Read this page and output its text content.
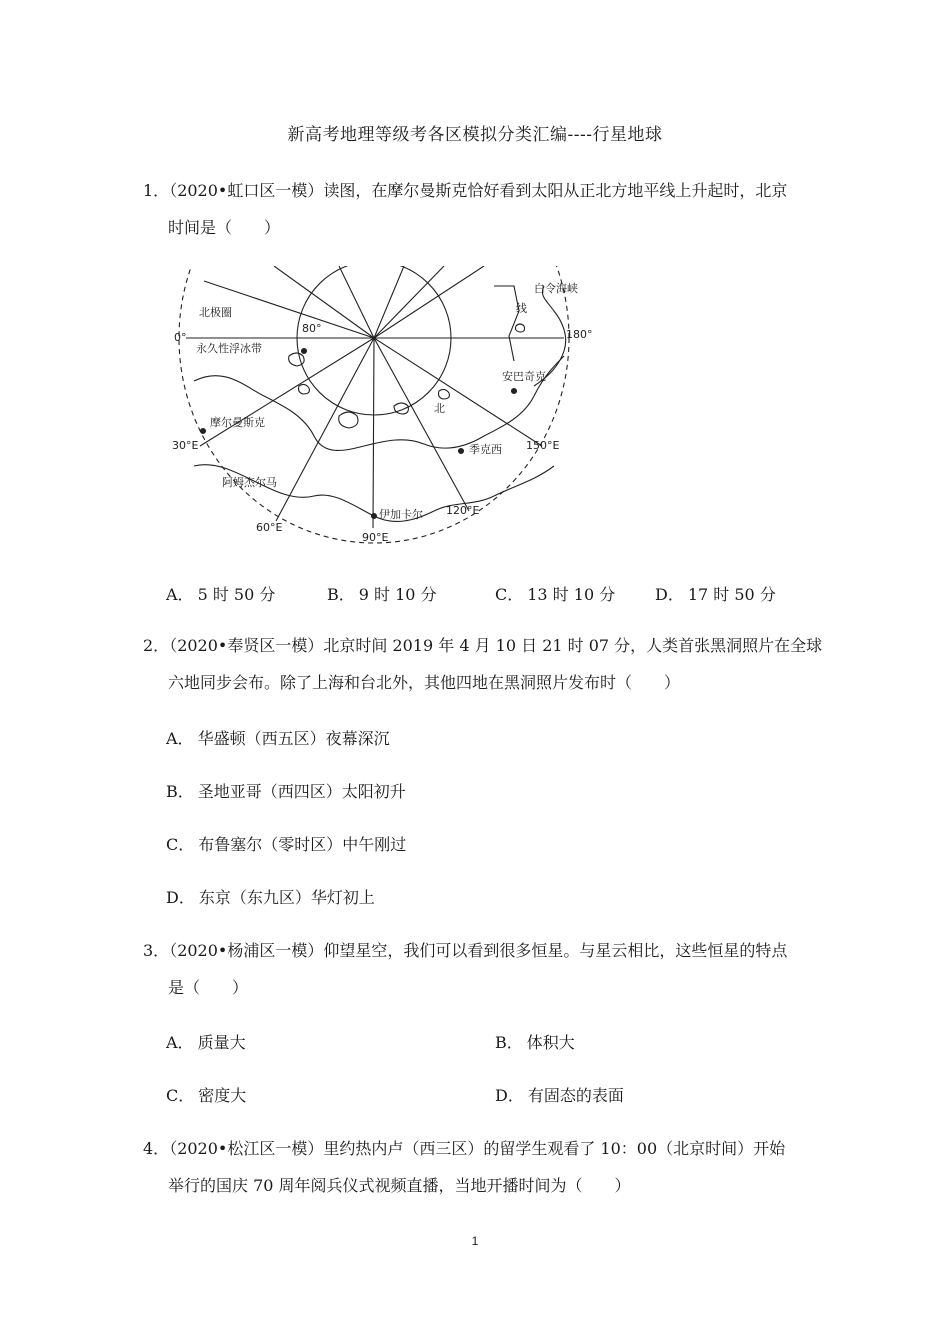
新高考地理等级考各区模拟分类汇编----行星地球
1．（2020•虹口区一模）读图，在摩尔曼斯克恰好看到太阳从正北方地平线上升起时，北京
时间是（　　）
白令海峡
线
北极圈
80°
0°
永久性浮冰带
180°
安巴奇克
北
摩尔曼斯克
30°E	季克西 150°E
阿姆杰尔马
伊加卡尔 120°E
60°E
90°E
A． 5 时 50 分	B． 9 时 10 分	C． 13 时 10 分 D． 17 时 50 分
2．（2020•奉贤区一模）北京时间 2019 年 4 月 10 日 21 时 07 分，人类首张黑洞照片在全球
六地同步会布。除了上海和台北外，其他四地在黑洞照片发布时（　　）
A． 华盛顿（西五区）夜幕深沉
B． 圣地亚哥（西四区）太阳初升
C． 布鲁塞尔（零时区）中午刚过
D． 东京（东九区）华灯初上
3．（2020•杨浦区一模）仰望星空，我们可以看到很多恒星。与星云相比，这些恒星的特点
是（　　）
A． 质量大	B． 体积大
C． 密度大	D． 有固态的表面
4．（2020•松江区一模）里约热内卢（西三区）的留学生观看了 10：00（北京时间）开始
举行的国庆 70 周年阅兵仪式视频直播，当地开播时间为（　　）
1
